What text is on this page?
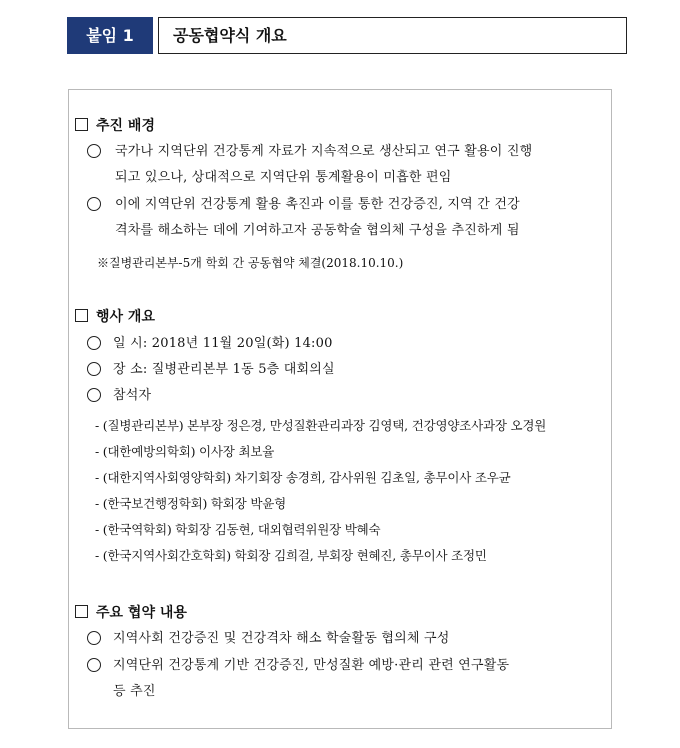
붙임 1	공동협약식 개요
추진 배경
국가나 지역단위 건강통계 자료가 지속적으로 생산되고 연구 활용이 진행
되고 있으나, 상대적으로 지역단위 통계활용이 미흡한 편임
이에 지역단위 건강통계 활용 촉진과 이를 통한 건강증진, 지역 간 건강
격차를 해소하는 데에 기여하고자 공동학술 협의체 구성을 추진하게 됨
※질병관리본부-5개 학회 간 공동협약 체결(2018.10.10.)
행사 개요
일 시: 2018년 11월 20일(화) 14:00
장 소: 질병관리본부 1동 5층 대회의실
참석자
- (질병관리본부) 본부장 정은경, 만성질환관리과장 김영택, 건강영양조사과장 오경원
- (대한예방의학회) 이사장 최보율
- (대한지역사회영양학회) 차기회장 송경희, 감사위원 김초일, 총무이사 조우균
- (한국보건행정학회) 학회장 박윤형
- (한국역학회) 학회장 김동현, 대외협력위원장 박혜숙
- (한국지역사회간호학회) 학회장 김희걸, 부회장 현혜진, 총무이사 조정민
주요 협약 내용
지역사회 건강증진 및 건강격차 해소 학술활동 협의체 구성
지역단위 건강통계 기반 건강증진, 만성질환 예방·관리 관련 연구활동
등 추진
